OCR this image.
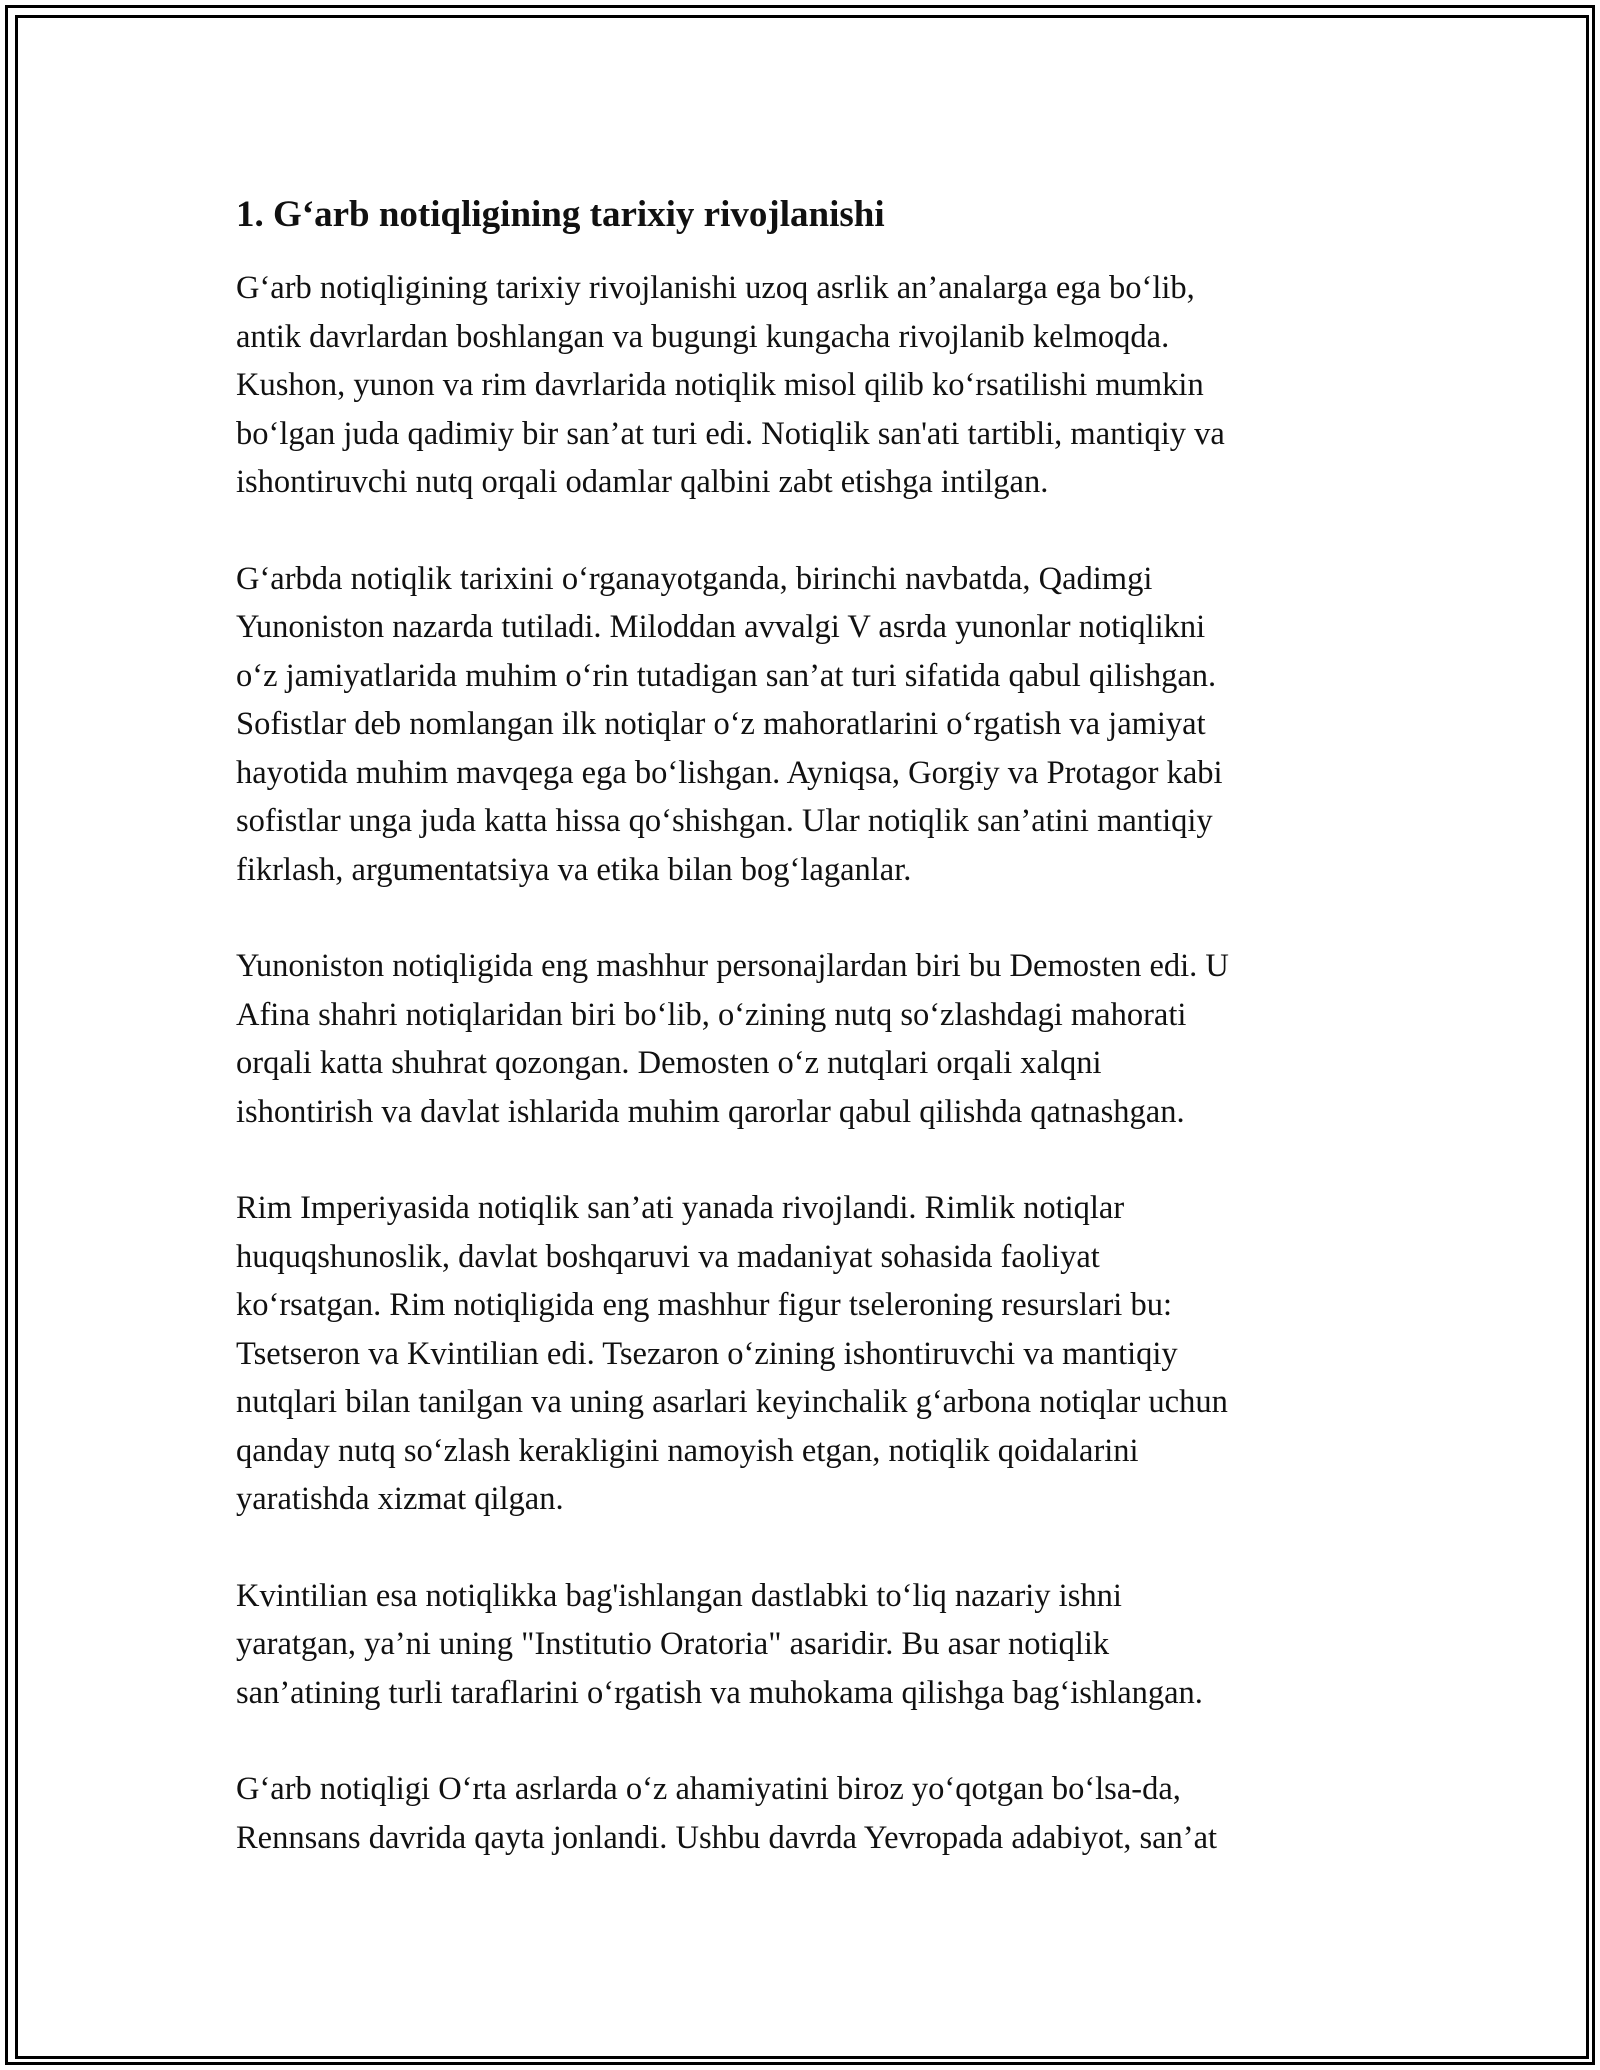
1. G‘arb notiqligining tarixiy rivojlanishi

G‘arb notiqligining tarixiy rivojlanishi uzoq asrlik an’analarga ega bo‘lib,
antik davrlardan boshlangan va bugungi kungacha rivojlanib kelmoqda.
Kushon, yunon va rim davrlarida notiqlik misol qilib ko‘rsatilishi mumkin
bo‘lgan juda qadimiy bir san’at turi edi. Notiqlik san'ati tartibli, mantiqiy va
ishontiruvchi nutq orqali odamlar qalbini zabt etishga intilgan.

G‘arbda notiqlik tarixini o‘rganayotganda, birinchi navbatda, Qadimgi
Yunoniston nazarda tutiladi. Miloddan avvalgi V asrda yunonlar notiqlikni
o‘z jamiyatlarida muhim o‘rin tutadigan san’at turi sifatida qabul qilishgan.
Sofistlar deb nomlangan ilk notiqlar o‘z mahoratlarini o‘rgatish va jamiyat
hayotida muhim mavqega ega bo‘lishgan. Ayniqsa, Gorgiy va Protagor kabi
sofistlar unga juda katta hissa qo‘shishgan. Ular notiqlik san’atini mantiqiy
fikrlash, argumentatsiya va etika bilan bog‘laganlar.

Yunoniston notiqligida eng mashhur personajlardan biri bu Demosten edi. U
Afina shahri notiqlaridan biri bo‘lib, o‘zining nutq so‘zlashdagi mahorati
orqali katta shuhrat qozongan. Demosten o‘z nutqlari orqali xalqni
ishontirish va davlat ishlarida muhim qarorlar qabul qilishda qatnashgan.

Rim Imperiyasida notiqlik san’ati yanada rivojlandi. Rimlik notiqlar
huquqshunoslik, davlat boshqaruvi va madaniyat sohasida faoliyat
ko‘rsatgan. Rim notiqligida eng mashhur figur tseleroning resurslari bu:
Tsetseron va Kvintilian edi. Tsezaron o‘zining ishontiruvchi va mantiqiy
nutqlari bilan tanilgan va uning asarlari keyinchalik g‘arbona notiqlar uchun
qanday nutq so‘zlash kerakligini namoyish etgan, notiqlik qoidalarini
yaratishda xizmat qilgan.

Kvintilian esa notiqlikka bag'ishlangan dastlabki to‘liq nazariy ishni
yaratgan, ya’ni uning "Institutio Oratoria" asaridir. Bu asar notiqlik
san’atining turli taraflarini o‘rgatish va muhokama qilishga bag‘ishlangan.

G‘arb notiqligi O‘rta asrlarda o‘z ahamiyatini biroz yo‘qotgan bo‘lsa-da,
Rennsans davrida qayta jonlandi. Ushbu davrda Yevropada adabiyot, san’at
